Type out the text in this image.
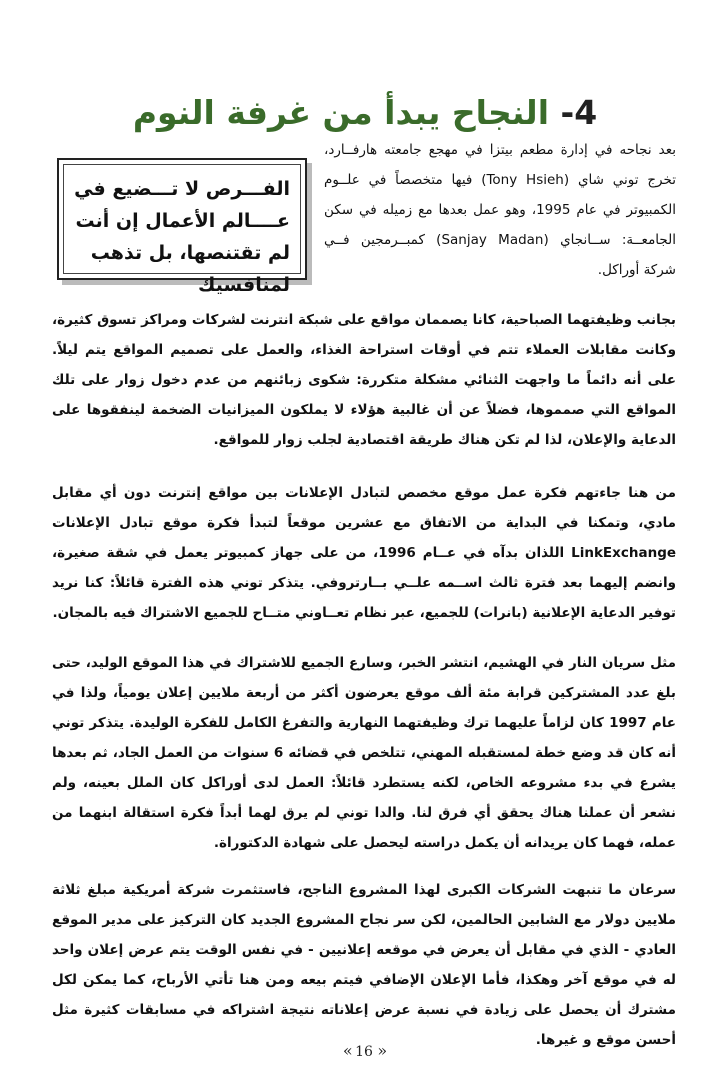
4- النجاح يبدأ من غرفة النوم

بعد نجاحه في إدارة مطعم بيتزا في مهجع جامعته هارفــارد، تخرج توني شاي (Tony Hsieh) فيها متخصصاً في علــوم الكمبيوتر في عام 1995، وهو عمل بعدها مع زميله في سكن الجامعــة: ســانجاي (Sanjay Madan) كمبــرمجين فــي شركة أوراكل.

الفـــرص لا تـــضيع في عــــالم الأعمال إن أنت لم تقتنصها، بل تذهب لمنافسيك

بجانب وظيفتهما الصباحية، كانا يصممان مواقع على شبكة انترنت لشركات ومراكز تسوق كثيرة، وكانت مقابلات العملاء تتم في أوقات استراحة الغذاء، والعمل على تصميم المواقع يتم ليلاً. على أنه دائماً ما واجهت الثنائي مشكلة متكررة: شكوى زبائنهم من عدم دخول زوار على تلك المواقع التي صمموها، فضلاً عن أن غالبية هؤلاء لا يملكون الميزانيات الضخمة لينفقوها على الدعاية والإعلان، لذا لم تكن هناك طريقة اقتصادية لجلب زوار للمواقع.

من هنا جاءتهم فكرة عمل موقع مخصص لتبادل الإعلانات بين مواقع إنترنت دون أي مقابل مادي، وتمكنا في البداية من الاتفاق مع عشرين موقعاً لتبدأ فكرة موقع تبادل الإعلانات LinkExchange اللذان بدآه في عــام 1996، من على جهاز كمبيوتر يعمل في شقة صغيرة، وانضم إليهما بعد فترة ثالث اســمه علــي بــارتروفي. يتذكر توني هذه الفترة قائلاً: كنا نريد توفير الدعاية الإعلانية (بانرات) للجميع، عبر نظام تعــاوني متــاح للجميع الاشتراك فيه بالمجان.

مثل سريان النار في الهشيم، انتشر الخبر، وسارع الجميع للاشتراك في هذا الموقع الوليد، حتى بلغ عدد المشتركين قرابة مئة ألف موقع يعرضون أكثر من أربعة ملايين إعلان يومياً، ولذا في عام 1997 كان لزاماً عليهما ترك وظيفتهما النهارية والتفرغ الكامل للفكرة الوليدة. يتذكر توني أنه كان قد وضع خطة لمستقبله المهني، تتلخص في قضائه 6 سنوات من العمل الجاد، ثم بعدها يشرع في بدء مشروعه الخاص، لكنه يستطرد قائلاً: العمل لدى أوراكل كان الملل بعينه، ولم نشعر أن عملنا هناك يحقق أي فرق لنا. والدا توني لم يرق لهما أبداً فكرة استقالة ابنهما من عمله، فهما كان يريدانه أن يكمل دراسته ليحصل على شهادة الدكتوراة.

سرعان ما تنبهت الشركات الكبرى لهذا المشروع الناجح، فاستثمرت شركة أمريكية مبلغ ثلاثة ملايين دولار مع الشابين الحالمين، لكن سر نجاح المشروع الجديد كان التركيز على مدير الموقع العادي - الذي في مقابل أن يعرض في موقعه إعلانيين - في نفس الوقت يتم عرض إعلان واحد له في موقع آخر وهكذا، فأما الإعلان الإضافي فيتم بيعه ومن هنا تأتي الأرباح، كما يمكن لكل مشترك أن يحصل على زيادة في نسبة عرض إعلاناته نتيجة اشتراكه في مسابقات كثيرة مثل أحسن موقع و غيرها.

« 16 »
